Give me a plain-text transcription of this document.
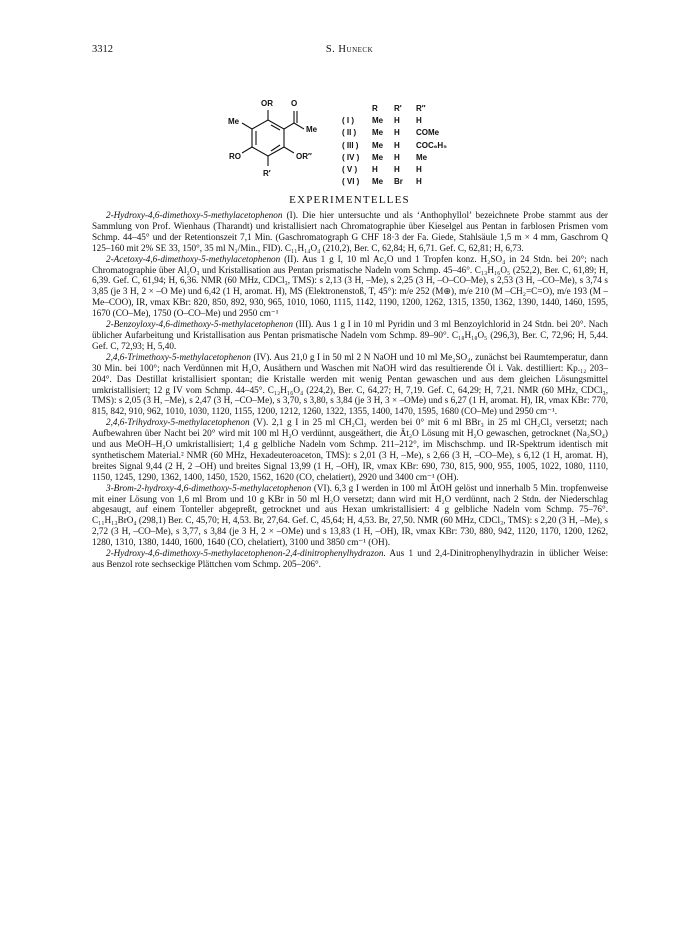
3312	S. Huneck
OR O
Me
Me
RO	OR″
R′
R	R′	R″
( I )	Me	H	H
( II )	Me	H	COMe
( III )	Me	H	COC₆H₅
( IV )	Me	H	Me
( V )	H	H	H
( VI )	Me	Br	H
EXPERIMENTELLES

2-Hydroxy-4,6-dimethoxy-5-methylacetophenon (I). Die hier untersuchte und als ‘Anthophyllol’ bezeichnete Probe stammt aus der Sammlung von Prof. Wienhaus (Tharandt) und kristallisiert nach Chromatographie über Kieselgel aus Pentan in farblosen Prismen vom Schmp. 44–45° und der Retentionszeit 7,1 Min. (Gaschromatograph G CHF 18·3 der Fa. Giede, Stahlsäule 1,5 m × 4 mm, Gaschrom Q 125–160 mit 2% SE 33, 150°, 35 ml N₂/Min., FID). C₁₁H₁₄O₄ (210,2), Ber. C, 62,84; H, 6,71. Gef. C, 62,81; H, 6,73.

2-Acetoxy-4,6-dimethoxy-5-methylacetophenon (II). Aus 1 g I, 10 ml Ac₂O und 1 Tropfen konz. H₂SO₄ in 24 Stdn. bei 20°; nach Chromatographie über Al₂O₃ und Kristallisation aus Pentan prismatische Nadeln vom Schmp. 45–46°. C₁₃H₁₆O₅ (252,2), Ber. C, 61,89; H, 6,39. Gef. C, 61,94; H, 6,36. NMR (60 MHz, CDCl₃, TMS): s 2,13 (3 H, –Me), s 2,25 (3 H, –O–CO–Me), s 2,53 (3 H, –CO–Me), s 3,74 s 3,85 (je 3 H, 2 × –O Me) und 6,42 (1 H, aromat. H), MS (Elektronenstoß, T, 45°): m/e 252 (M⊕), m/e 210 (M –CH₂=C=O), m/e 193 (M –Me–COO), IR, νmax KBr: 820, 850, 892, 930, 965, 1010, 1060, 1115, 1142, 1190, 1200, 1262, 1315, 1350, 1362, 1390, 1440, 1460, 1595, 1670 (CO–Me), 1750 (O–CO–Me) und 2950 cm⁻¹

2-Benzoyloxy-4,6-dimethoxy-5-methylacetophenon (III). Aus 1 g I in 10 ml Pyridin und 3 ml Benzoylchlorid in 24 Stdn. bei 20°. Nach üblicher Aufarbeitung und Kristallisation aus Pentan prismatische Nadeln vom Schmp. 89–90°. C₁₈H₁₈O₅ (296,3), Ber. C, 72,96; H, 5,44. Gef. C, 72,93; H, 5,40.

2,4,6-Trimethoxy-5-methylacetophenon (IV). Aus 21,0 g I in 50 ml 2 N NaOH und 10 ml Me₂SO₄, zunächst bei Raumtemperatur, dann 30 Min. bei 100°; nach Verdünnen mit H₂O, Ausäthern und Waschen mit NaOH wird das resultierende Öl i. Vak. destilliert: Kp.₁₂ 203–204°. Das Destillat kristallisiert spontan; die Kristalle werden mit wenig Pentan gewaschen und aus dem gleichen Lösungsmittel umkristallisiert; 12 g IV vom Schmp. 44–45°. C₁₂H₁₆O₄ (224,2), Ber. C, 64,27; H, 7,19. Gef. C, 64,29; H, 7,21. NMR (60 MHz, CDCl₃, TMS): s 2,05 (3 H, –Me), s 2,47 (3 H, –CO–Me), s 3,70, s 3,80, s 3,84 (je 3 H, 3 × –OMe) und s 6,27 (1 H, aromat. H), IR, νmax KBr: 770, 815, 842, 910, 962, 1010, 1030, 1120, 1155, 1200, 1212, 1260, 1322, 1355, 1400, 1470, 1595, 1680 (CO–Me) und 2950 cm⁻¹.

2,4,6-Trihydroxy-5-methylacetophenon (V). 2,1 g I in 25 ml CH₂Cl₂ werden bei 0° mit 6 ml BBr₃ in 25 ml CH₂Cl₂ versetzt; nach Aufbewahren über Nacht bei 20° wird mit 100 ml H₂O verdünnt, ausgeäthert, die Ät₂O Lösung mit H₂O gewaschen, getrocknet (Na₂SO₄) und aus MeOH–H₂O umkristallisiert; 1,4 g gelbliche Nadeln vom Schmp. 211–212°, im Mischschmp. und IR-Spektrum identisch mit synthetischem Material.² NMR (60 MHz, Hexadeuteroaceton, TMS): s 2,01 (3 H, –Me), s 2,66 (3 H, –CO–Me), s 6,12 (1 H, aromat. H), breites Signal 9,44 (2 H, 2 –OH) und breites Signal 13,99 (1 H, –OH), IR, νmax KBr: 690, 730, 815, 900, 955, 1005, 1022, 1080, 1110, 1150, 1245, 1290, 1362, 1400, 1450, 1520, 1562, 1620 (CO, chelatiert), 2920 und 3400 cm⁻¹ (OH).

3-Brom-2-hydroxy-4,6-dimethoxy-5-methylacetophenon (VI). 6,3 g I werden in 100 ml ÄtOH gelöst und innerhalb 5 Min. tropfenweise mit einer Lösung von 1,6 ml Brom und 10 g KBr in 50 ml H₂O versetzt; dann wird mit H₂O verdünnt, nach 2 Stdn. der Niederschlag abgesaugt, auf einem Tonteller abgepreßt, getrocknet und aus Hexan umkristallisiert: 4 g gelbliche Nadeln vom Schmp. 75–76°. C₁₁H₁₃BrO₄ (298,1) Ber. C, 45,70; H, 4,53. Br, 27,64. Gef. C, 45,64; H, 4,53. Br, 27,50. NMR (60 MHz, CDCl₃, TMS): s 2,20 (3 H, –Me), s 2,72 (3 H, –CO–Me), s 3,77, s 3,84 (je 3 H, 2 × –OMe) und s 13,83 (1 H, –OH), IR, νmax KBr: 730, 880, 942, 1120, 1170, 1200, 1262, 1280, 1310, 1380, 1440, 1600, 1640 (CO, chelatiert), 3100 und 3850 cm⁻¹ (OH).

2-Hydroxy-4,6-dimethoxy-5-methylacetophenon-2,4-dinitrophenylhydrazon. Aus 1 und 2,4-Dinitrophenylhydrazin in üblicher Weise: aus Benzol rote sechseckige Plättchen vom Schmp. 205–206°.
